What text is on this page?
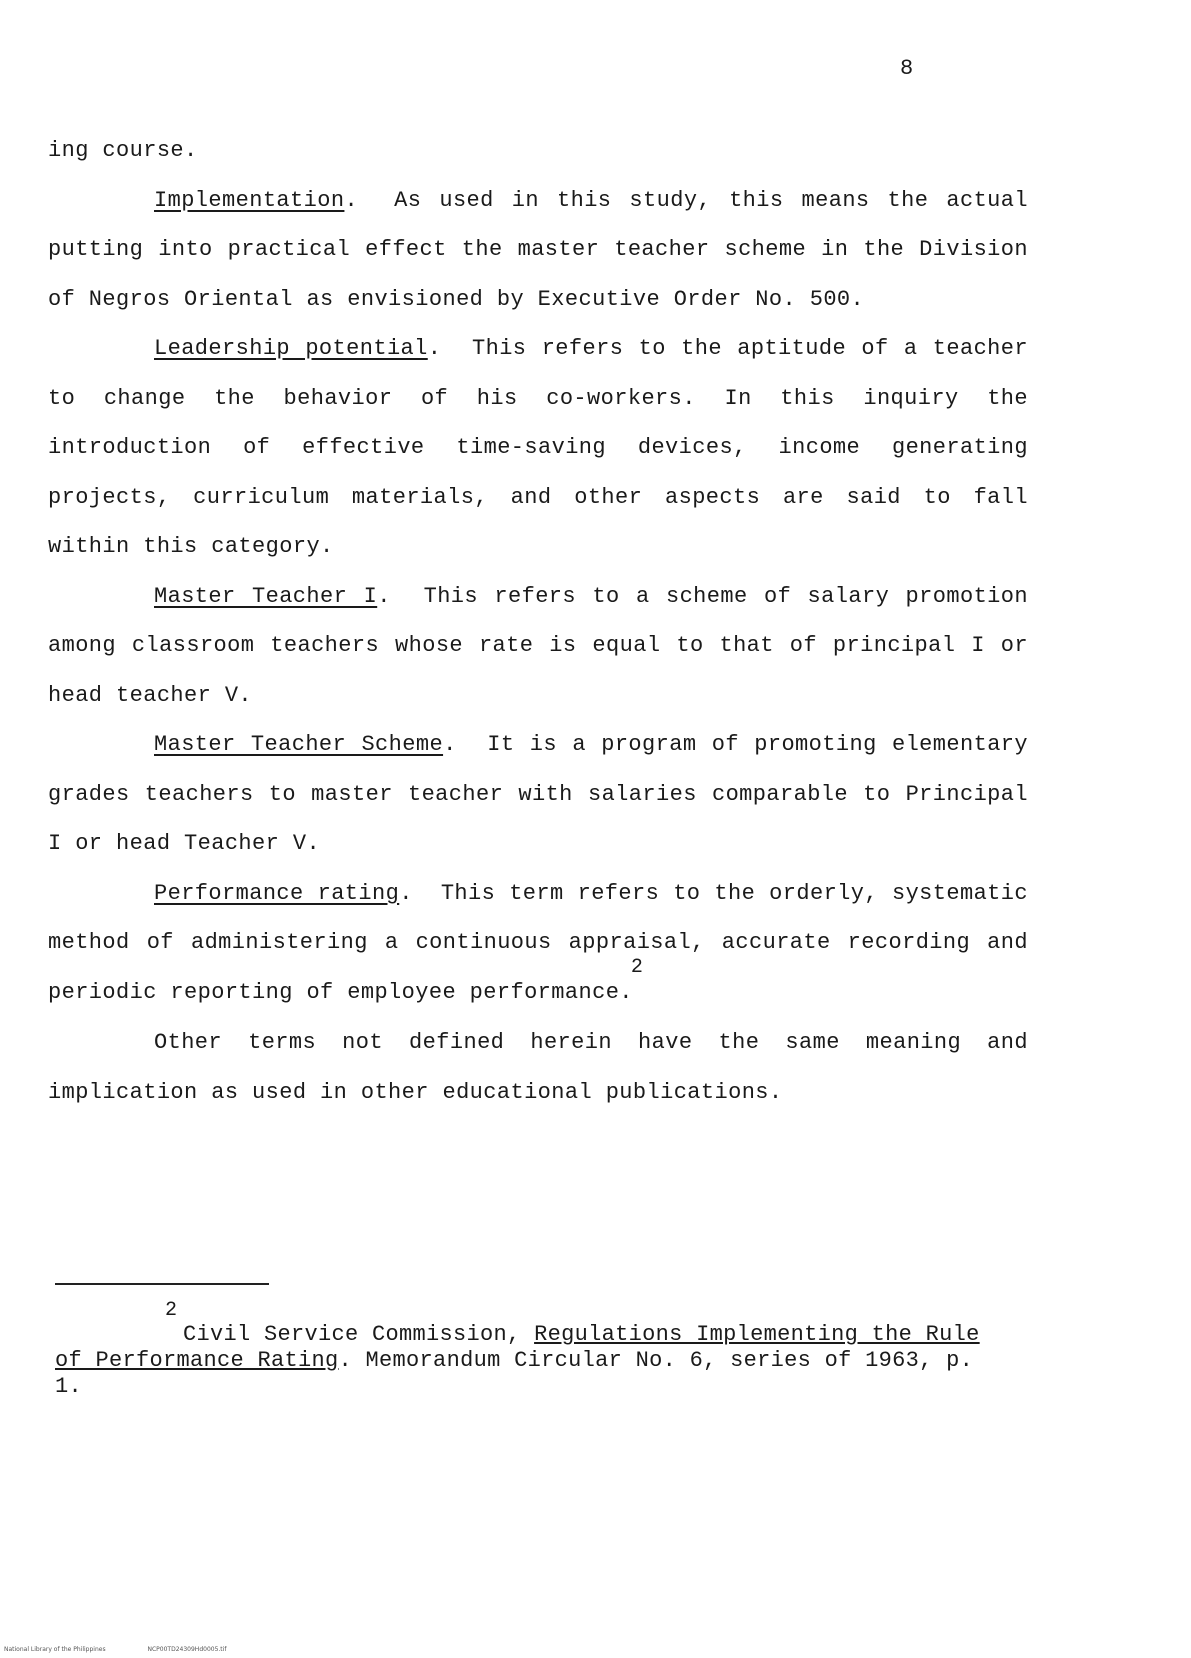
8

ing course.

Implementation. As used in this study, this means the actual putting into practical effect the master teacher scheme in the Division of Negros Oriental as envisioned by Executive Order No. 500.

Leadership potential. This refers to the aptitude of a teacher to change the behavior of his co-workers. In this inquiry the introduction of effective time-saving devices, income generating projects, curriculum materials, and other aspects are said to fall within this category.

Master Teacher I. This refers to a scheme of salary promotion among classroom teachers whose rate is equal to that of principal I or head teacher V.

Master Teacher Scheme. It is a program of promoting elementary grades teachers to master teacher with salaries comparable to Principal I or head Teacher V.

Performance rating. This term refers to the orderly, systematic method of administering a continuous appraisal, accurate recording and periodic reporting of employee performance.2

Other terms not defined herein have the same meaning and implication as used in other educational publications.

2

Civil Service Commission, Regulations Implementing the Rule of Performance Rating. Memorandum Circular No. 6, series of 1963, p. 1.

National Library of the Philippines	NCP00TD24309Hd0005.tif
